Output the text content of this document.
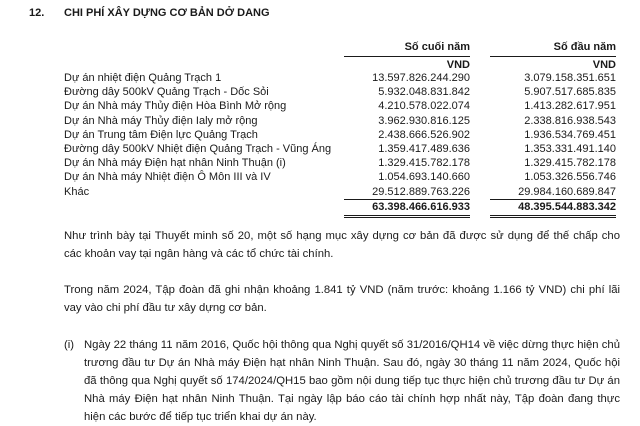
12. CHI PHÍ XÂY DỰNG CƠ BẢN DỞ DANG
Số cuối năm
VND
Số đầu năm
VND
Dự án nhiệt điện Quảng Trạch 1	13.597.826.244.290	3.079.158.351.651
Đường dây 500kV Quảng Trạch - Dốc Sỏi	5.932.048.831.842	5.907.517.685.835
Dự án Nhà máy Thủy điện Hòa Bình Mở rộng	4.210.578.022.074	1.413.282.617.951
Dự án Nhà máy Thủy điện Ialy mở rộng	3.962.930.816.125	2.338.816.938.543
Dự án Trung tâm Điện lực Quảng Trạch	2.438.666.526.902	1.936.534.769.451
Đường dây 500kV Nhiệt điện Quảng Trạch - Vũng Áng	1.359.417.489.636	1.353.331.491.140
Dự án Nhà máy Điện hạt nhân Ninh Thuận (i)	1.329.415.782.178	1.329.415.782.178
Dự án Nhà máy Nhiệt điện Ô Môn III và IV	1.054.693.140.660	1.053.326.556.746
Khác	29.512.889.763.226	29.984.160.689.847
63.398.466.616.933	48.395.544.883.342
Như trình bày tại Thuyết minh số 20, một số hạng mục xây dựng cơ bản đã được sử dụng để thế chấp cho các khoản vay tại ngân hàng và các tổ chức tài chính.
Trong năm 2024, Tập đoàn đã ghi nhận khoảng 1.841 tỷ VND (năm trước: khoảng 1.166 tỷ VND) chi phí lãi vay vào chi phí đầu tư xây dựng cơ bản.
(i) Ngày 22 tháng 11 năm 2016, Quốc hội thông qua Nghị quyết số 31/2016/QH14 về việc dừng thực hiện chủ trương đầu tư Dự án Nhà máy Điện hạt nhân Ninh Thuận. Sau đó, ngày 30 tháng 11 năm 2024, Quốc hội đã thông qua Nghị quyết số 174/2024/QH15 bao gồm nội dung tiếp tục thực hiện chủ trương đầu tư Dự án Nhà máy Điện hạt nhân Ninh Thuận. Tại ngày lập báo cáo tài chính hợp nhất này, Tập đoàn đang thực hiện các bước để tiếp tục triển khai dự án này.
